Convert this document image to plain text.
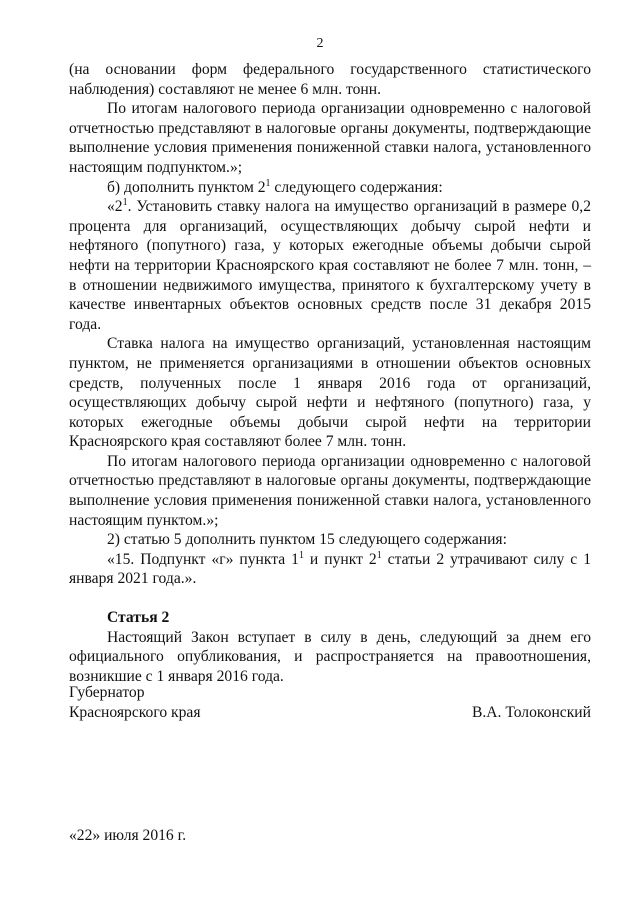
2

(на основании форм федерального государственного статистического наблюдения) составляют не менее 6 млн. тонн.

По итогам налогового периода организации одновременно с налоговой отчетностью представляют в налоговые органы документы, подтверждающие выполнение условия применения пониженной ставки налога, установленного настоящим подпунктом.»;

б) дополнить пунктом $2^1$ следующего содержания:

«$2^1$. Установить ставку налога на имущество организаций в размере 0,2 процента для организаций, осуществляющих добычу сырой нефти и нефтяного (попутного) газа, у которых ежегодные объемы добычи сырой нефти на территории Красноярского края составляют не более 7 млн. тонн, – в отношении недвижимого имущества, принятого к бухгалтерскому учету в качестве инвентарных объектов основных средств после 31 декабря 2015 года.

Ставка налога на имущество организаций, установленная настоящим пунктом, не применяется организациями в отношении объектов основных средств, полученных после 1 января 2016 года от организаций, осуществляющих добычу сырой нефти и нефтяного (попутного) газа, у которых ежегодные объемы добычи сырой нефти на территории Красноярского края составляют более 7 млн. тонн.

По итогам налогового периода организации одновременно с налоговой отчетностью представляют в налоговые органы документы, подтверждающие выполнение условия применения пониженной ставки налога, установленного настоящим пунктом.»;

2) статью 5 дополнить пунктом 15 следующего содержания:

«15. Подпункт «г» пункта $1^1$ и пункт $2^1$ статьи 2 утрачивают силу с 1 января 2021 года.».

Статья 2

Настоящий Закон вступает в силу в день, следующий за днем его официального опубликования, и распространяется на правоотношения, возникшие с 1 января 2016 года.

Губернатор
Красноярского края	В.А. Толоконский
«22» июля 2016 г.
